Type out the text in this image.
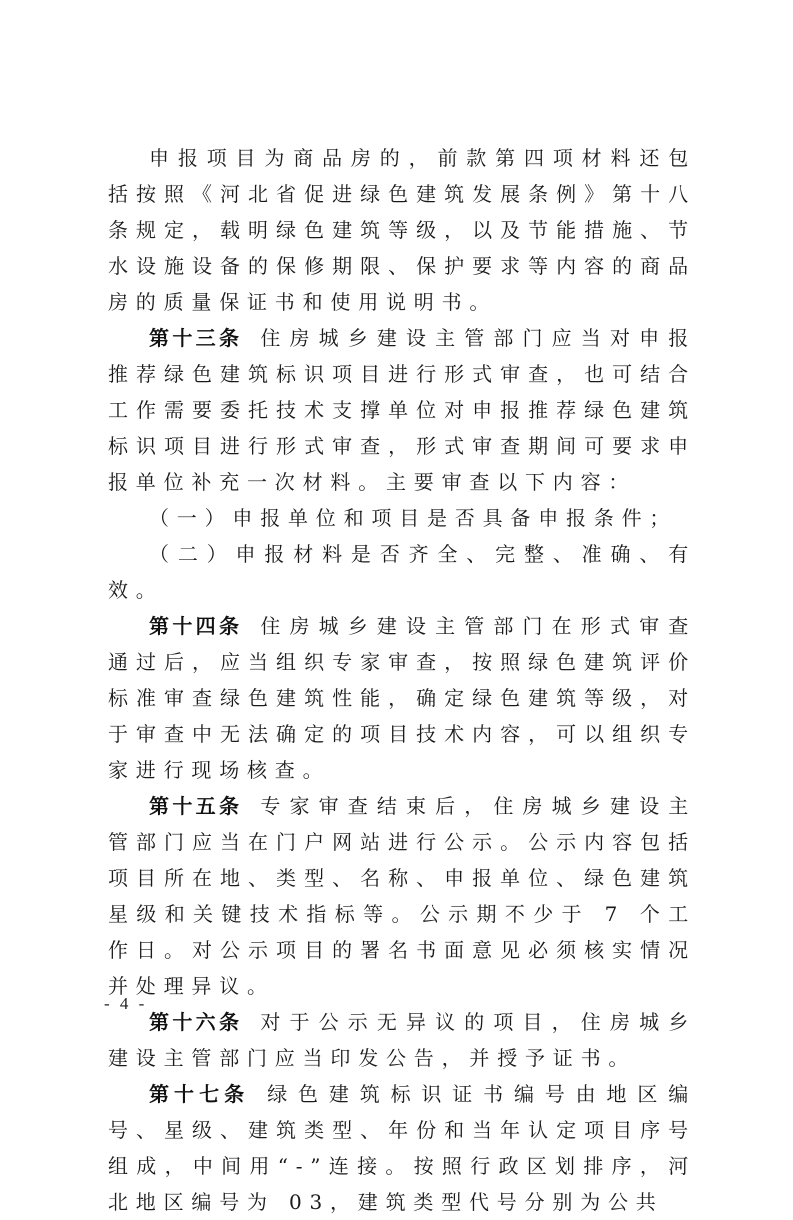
申报项目为商品房的，前款第四项材料还包括按照《河北省促进绿色建筑发展条例》第十八条规定，载明绿色建筑等级，以及节能措施、节水设施设备的保修期限、保护要求等内容的商品房的质量保证书和使用说明书。

第十三条 住房城乡建设主管部门应当对申报推荐绿色建筑标识项目进行形式审查，也可结合工作需要委托技术支撑单位对申报推荐绿色建筑标识项目进行形式审查，形式审查期间可要求申报单位补充一次材料。主要审查以下内容：

（一）申报单位和项目是否具备申报条件；

（二）申报材料是否齐全、完整、准确、有效。

第十四条 住房城乡建设主管部门在形式审查通过后，应当组织专家审查，按照绿色建筑评价标准审查绿色建筑性能，确定绿色建筑等级，对于审查中无法确定的项目技术内容，可以组织专家进行现场核查。

第十五条 专家审查结束后，住房城乡建设主管部门应当在门户网站进行公示。公示内容包括项目所在地、类型、名称、申报单位、绿色建筑星级和关键技术指标等。公示期不少于 7 个工作日。对公示项目的署名书面意见必须核实情况并处理异议。

第十六条 对于公示无异议的项目，住房城乡建设主管部门应当印发公告，并授予证书。

第十七条 绿色建筑标识证书编号由地区编号、星级、建筑类型、年份和当年认定项目序号组成，中间用“-”连接。按照行政区划排序，河北地区编号为 03，建筑类型代号分别为公共

- 4 -
